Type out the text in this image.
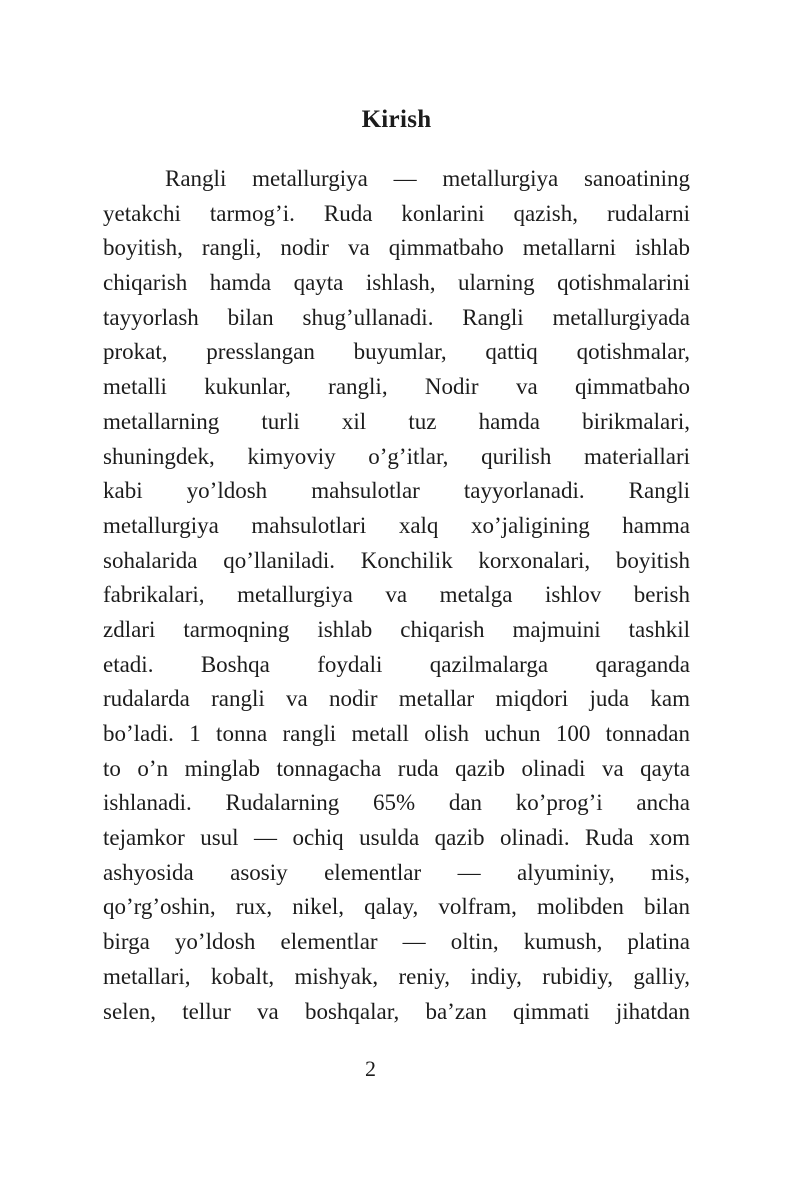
Kirish
Rangli metallurgiya — metallurgiya sanoatining
yetakchi tarmog’i. Ruda konlarini qazish, rudalarni
boyitish, rangli, nodir va qimmatbaho metallarni ishlab
chiqarish hamda qayta ishlash, ularning qotishmalarini
tayyorlash bilan shug’ullanadi. Rangli metallurgiyada
prokat, presslangan buyumlar, qattiq qotishmalar,
metalli kukunlar, rangli, Nodir va qimmatbaho
metallarning turli xil tuz hamda birikmalari,
shuningdek, kimyoviy o’g’itlar, qurilish materiallari
kabi yo’ldosh mahsulotlar tayyorlanadi. Rangli
metallurgiya mahsulotlari xalq xo’jaligining hamma
sohalarida qo’llaniladi. Konchilik korxonalari, boyitish
fabrikalari, metallurgiya va metalga ishlov berish
zdlari tarmoqning ishlab chiqarish majmuini tashkil
etadi. Boshqa foydali qazilmalarga qaraganda
rudalarda rangli va nodir metallar miqdori juda kam
bo’ladi. 1 tonna rangli metall olish uchun 100 tonnadan
to o’n minglab tonnagacha ruda qazib olinadi va qayta
ishlanadi. Rudalarning 65% dan ko’prog’i ancha
tejamkor usul — ochiq usulda qazib olinadi. Ruda xom
ashyosida asosiy elementlar — alyuminiy, mis,
qo’rg’oshin, rux, nikel, qalay, volfram, molibden bilan
birga yo’ldosh elementlar — oltin, kumush, platina
metallari, kobalt, mishyak, reniy, indiy, rubidiy, galliy,
selen, tellur va boshqalar, ba’zan qimmati jihatdan
2
